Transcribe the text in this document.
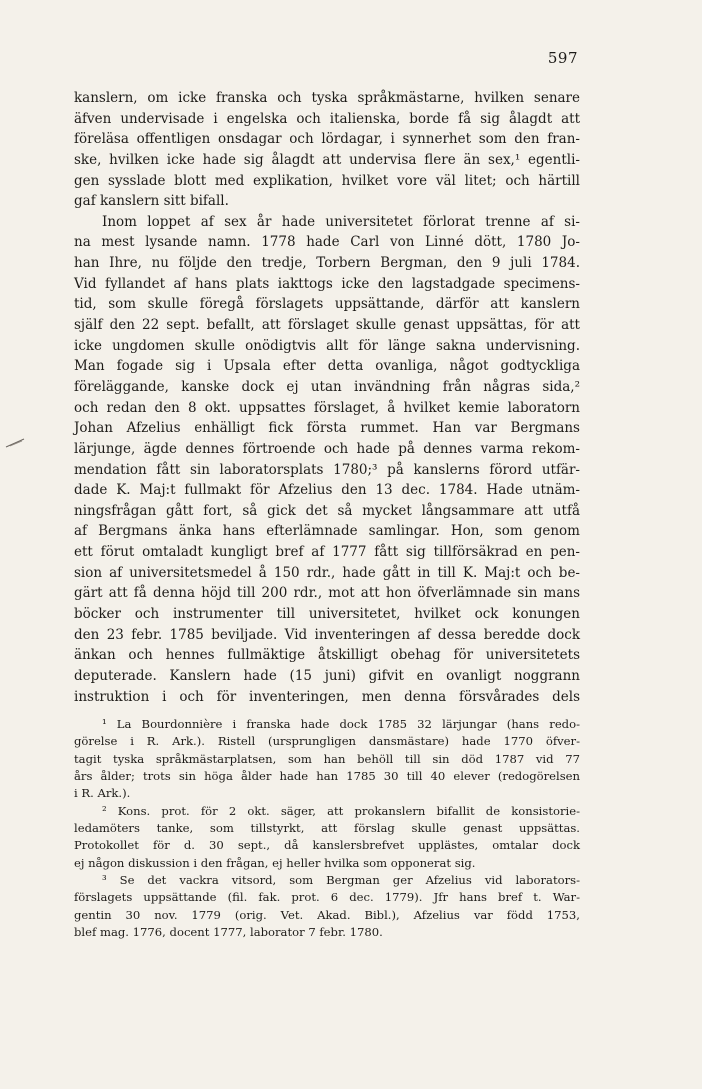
597
kanslern, om icke franska och tyska språkmästarne, hvilken senare
äfven undervisade i engelska och italienska, borde få sig ålagdt att
föreläsa offentligen onsdagar och lördagar, i synnerhet som den fran-
ske, hvilken icke hade sig ålagdt att undervisa flere än sex,¹ egentli-
gen sysslade blott med explikation, hvilket vore väl litet; och härtill
gaf kanslern sitt bifall.
Inom loppet af sex år hade universitetet förlorat trenne af si-
na mest lysande namn. 1778 hade Carl von Linné dött, 1780 Jo-
han Ihre, nu följde den tredje, Torbern Bergman, den 9 juli 1784.
Vid fyllandet af hans plats iakttogs icke den lagstadgade specimens-
tid, som skulle föregå förslagets uppsättande, därför att kanslern
själf den 22 sept. befallt, att förslaget skulle genast uppsättas, för att
icke ungdomen skulle onödigtvis allt för länge sakna undervisning.
Man fogade sig i Upsala efter detta ovanliga, något godtyckliga
föreläggande, kanske dock ej utan invändning från någras sida,²
och redan den 8 okt. uppsattes förslaget, å hvilket kemie laboratorn
Johan Afzelius enhälligt fick första rummet. Han var Bergmans
lärjunge, ägde dennes förtroende och hade på dennes varma rekom-
mendation fått sin laboratorsplats 1780;³ på kanslerns förord utfär-
dade K. Maj:t fullmakt för Afzelius den 13 dec. 1784. Hade utnäm-
ningsfrågan gått fort, så gick det så mycket långsammare att utfå
af Bergmans änka hans efterlämnade samlingar. Hon, som genom
ett förut omtaladt kungligt bref af 1777 fått sig tillförsäkrad en pen-
sion af universitetsmedel å 150 rdr., hade gått in till K. Maj:t och be-
gärt att få denna höjd till 200 rdr., mot att hon öfverlämnade sin mans
böcker och instrumenter till universitetet, hvilket ock konungen
den 23 febr. 1785 beviljade. Vid inventeringen af dessa beredde dock
änkan och hennes fullmäktige åtskilligt obehag för universitetets
deputerade. Kanslern hade (15 juni) gifvit en ovanligt noggrann
instruktion i och för inventeringen, men denna försvårades dels
¹ La Bourdonnière i franska hade dock 1785 32 lärjungar (hans redo-
görelse i R. Ark.). Ristell (ursprungligen dansmästare) hade 1770 öfver-
tagit tyska språkmästarplatsen, som han behöll till sin död 1787 vid 77
års ålder; trots sin höga ålder hade han 1785 30 till 40 elever (redogörelsen
i R. Ark.).
² Kons. prot. för 2 okt. säger, att prokanslern bifallit de konsistorie-
ledamöters tanke, som tillstyrkt, att förslag skulle genast uppsättas.
Protokollet för d. 30 sept., då kanslersbrefvet upplästes, omtalar dock
ej någon diskussion i den frågan, ej heller hvilka som opponerat sig.
³ Se det vackra vitsord, som Bergman ger Afzelius vid laborators-
förslagets uppsättande (fil. fak. prot. 6 dec. 1779). Jfr hans bref t. War-
gentin 30 nov. 1779 (orig. Vet. Akad. Bibl.), Afzelius var född 1753,
blef mag. 1776, docent 1777, laborator 7 febr. 1780.
